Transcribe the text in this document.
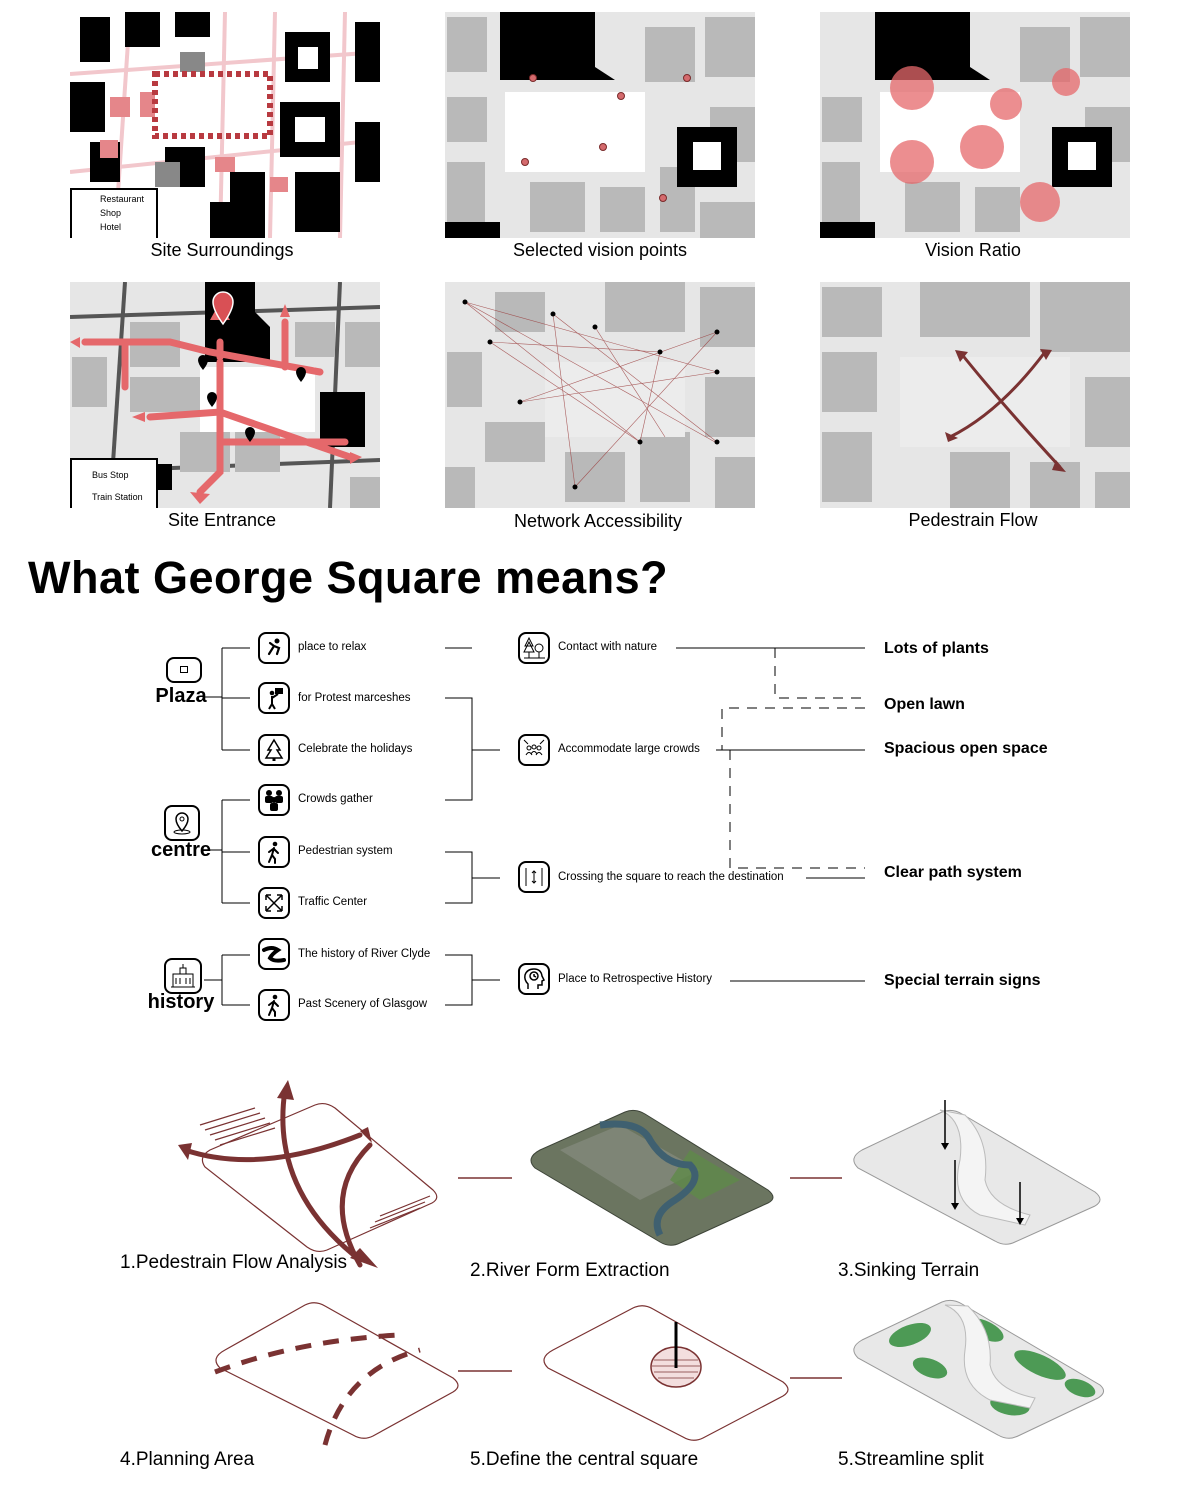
Restaurant
Shop
Hotel
Site Surroundings	Selected vision points	Vision Ratio
Bus Stop
Train Station
Site Entrance	Network Accessibility	Pedestrain Flow
What George Square means?
Plaza
centre
history
place to relax
for Protest marceshes
Celebrate the holidays
Crowds gather
Pedestrian system
Traffic Center
The history of River Clyde
Past Scenery of Glasgow
Contact with nature
Accommodate large crowds
Crossing the square to reach the destination
Place to Retrospective History
Lots of plants
Open lawn
Spacious open space
Clear path system
Special terrain signs
1.Pedestrain Flow Analysis	2.River Form Extraction	3.Sinking Terrain
4.Planning Area	5.Define the central square	5.Streamline split
